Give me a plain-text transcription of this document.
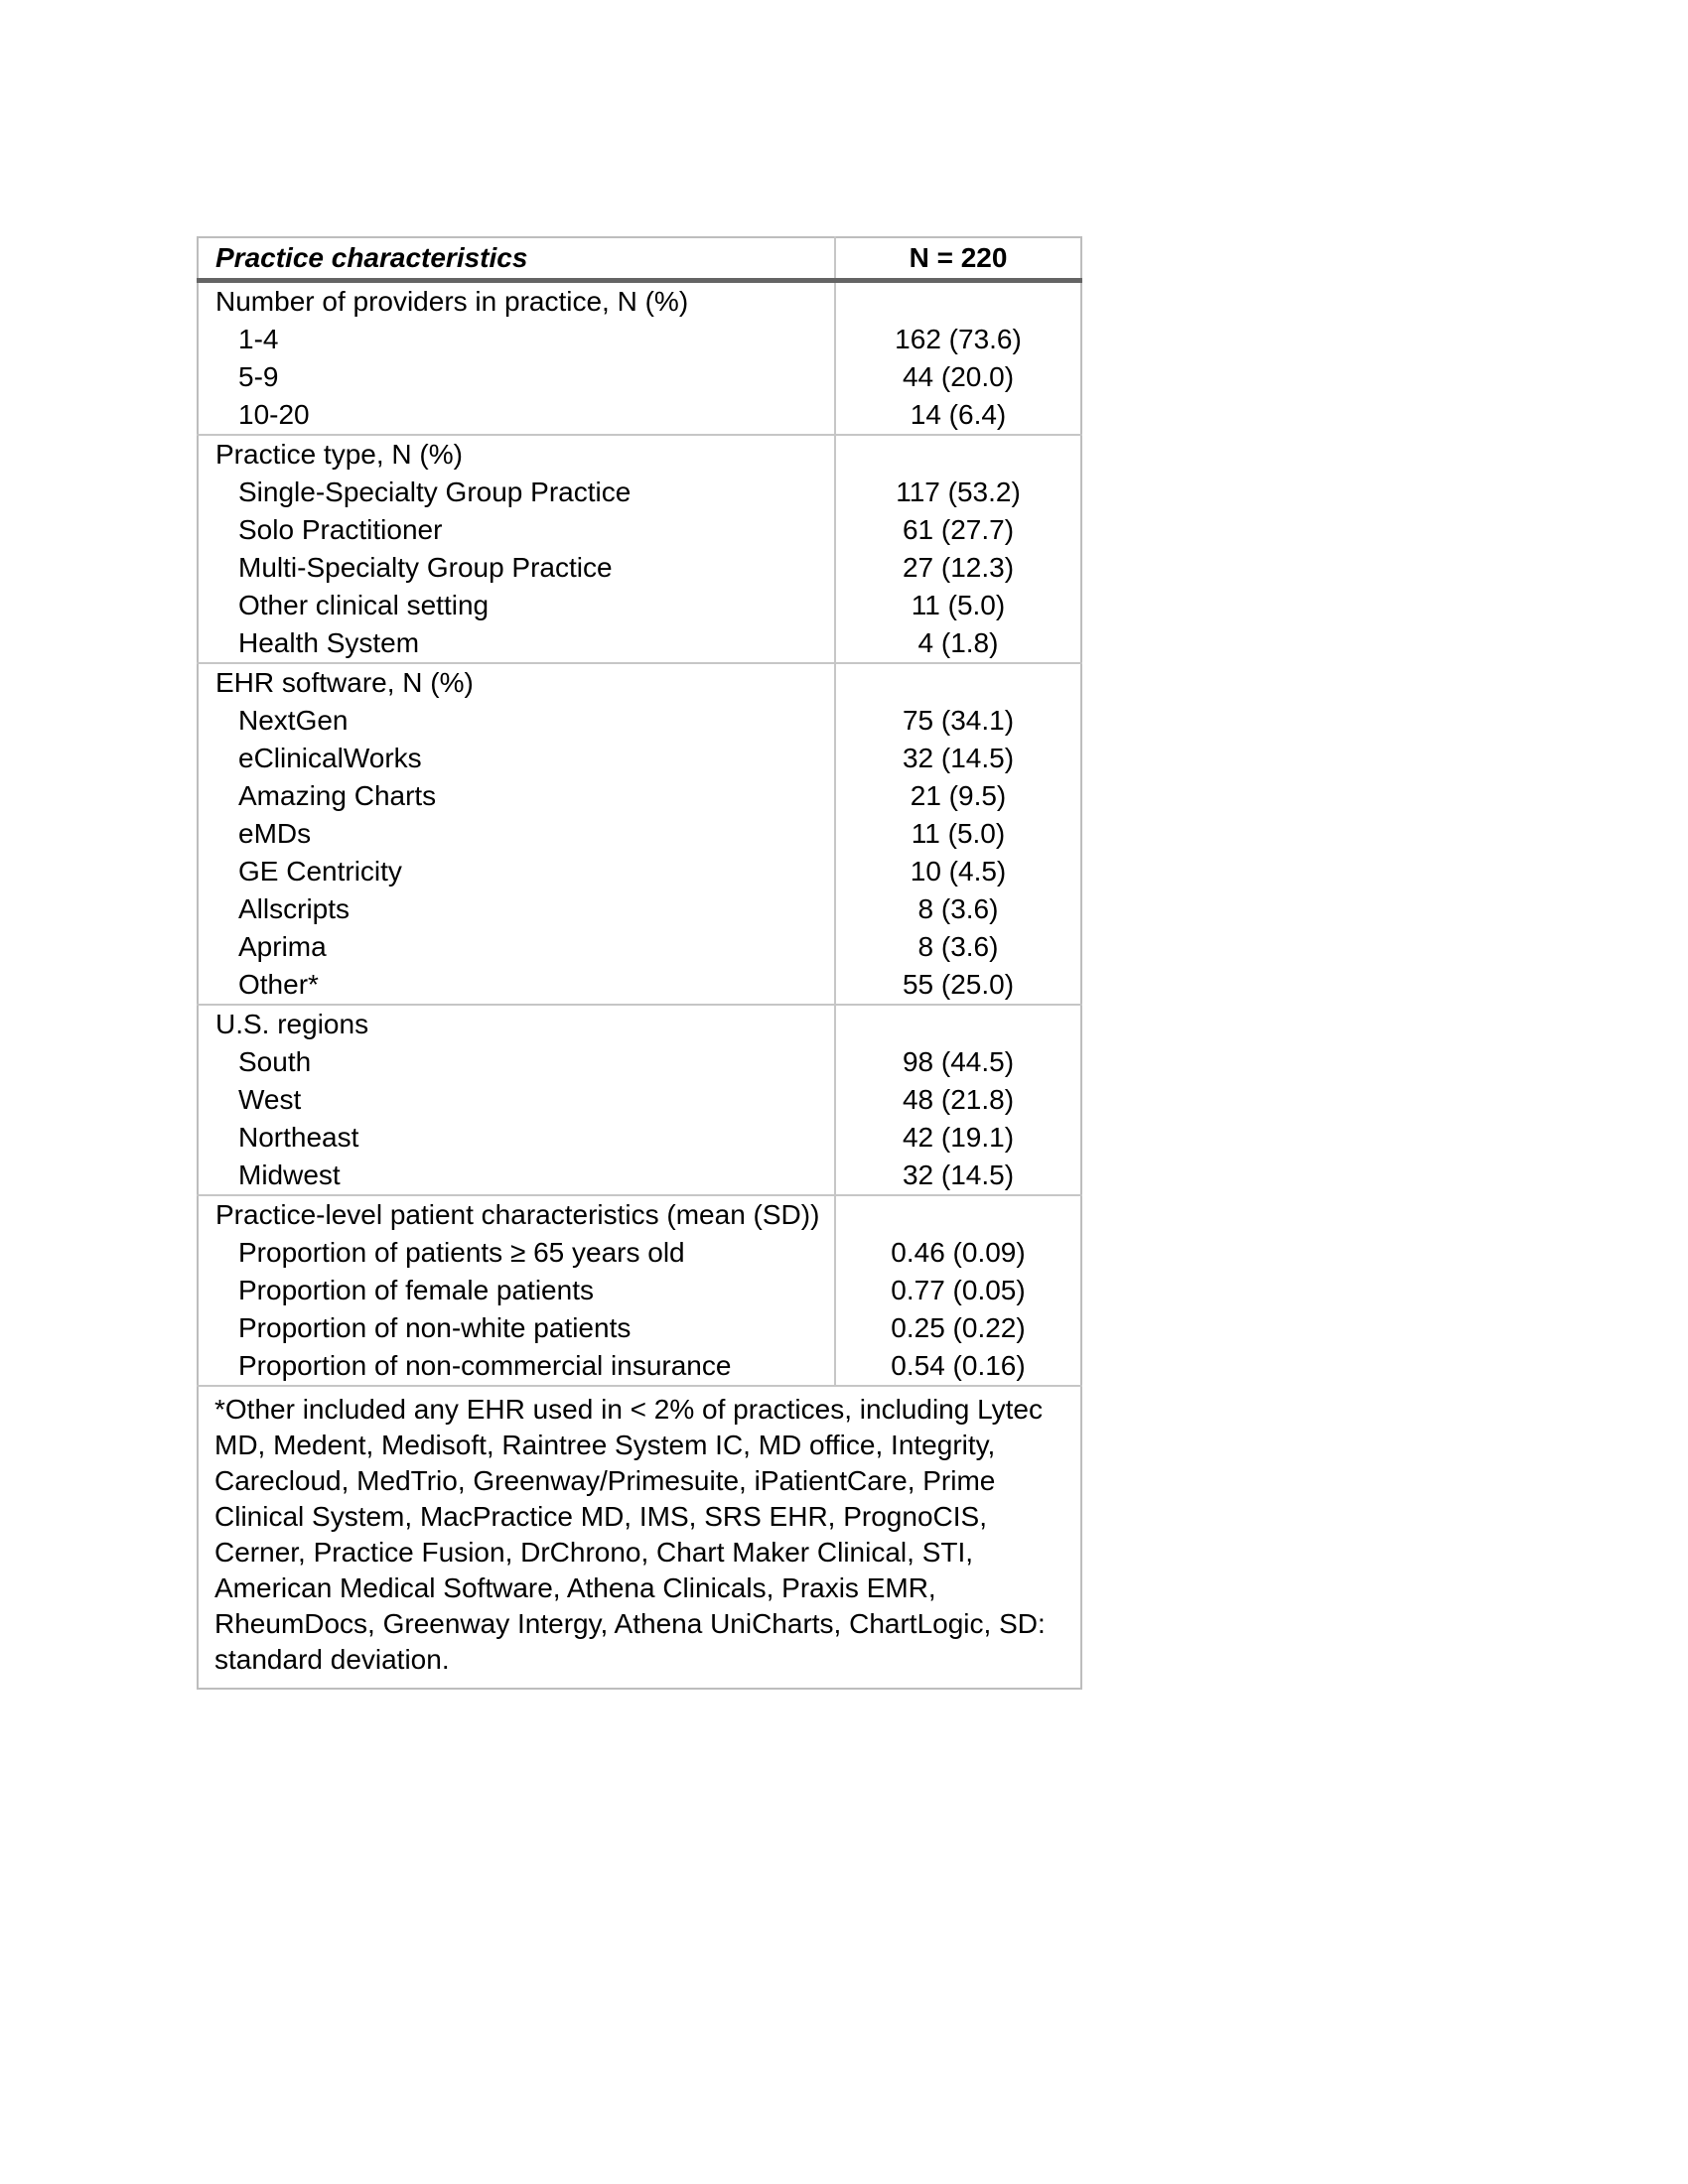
Practice characteristics	N = 220
Number of providers in practice, N (%)	
1-4	162 (73.6)
5-9	44 (20.0)
10-20	14 (6.4)
Practice type, N (%)	
Single-Specialty Group Practice	117 (53.2)
Solo Practitioner	61 (27.7)
Multi-Specialty Group Practice	27 (12.3)
Other clinical setting	11 (5.0)
Health System	4 (1.8)
EHR software, N (%)	
NextGen	75 (34.1)
eClinicalWorks	32 (14.5)
Amazing Charts	21 (9.5)
eMDs	11 (5.0)
GE Centricity	10 (4.5)
Allscripts	8 (3.6)
Aprima	8 (3.6)
Other*	55 (25.0)
U.S. regions	
South	98 (44.5)
West	48 (21.8)
Northeast	42 (19.1)
Midwest	32 (14.5)
Practice-level patient characteristics (mean (SD))	
Proportion of patients ≥ 65 years old	0.46 (0.09)
Proportion of female patients	0.77 (0.05)
Proportion of non-white patients	0.25 (0.22)
Proportion of non-commercial insurance	0.54 (0.16)
*Other included any EHR used in < 2% of practices, including Lytec MD, Medent, Medisoft, Raintree System IC, MD office, Integrity, Carecloud, MedTrio, Greenway/Primesuite, iPatientCare, Prime Clinical System, MacPractice MD, IMS, SRS EHR, PrognoCIS, Cerner, Practice Fusion, DrChrono, Chart Maker Clinical, STI, American Medical Software, Athena Clinicals, Praxis EMR, RheumDocs, Greenway Intergy, Athena UniCharts, ChartLogic, SD: standard deviation.	
